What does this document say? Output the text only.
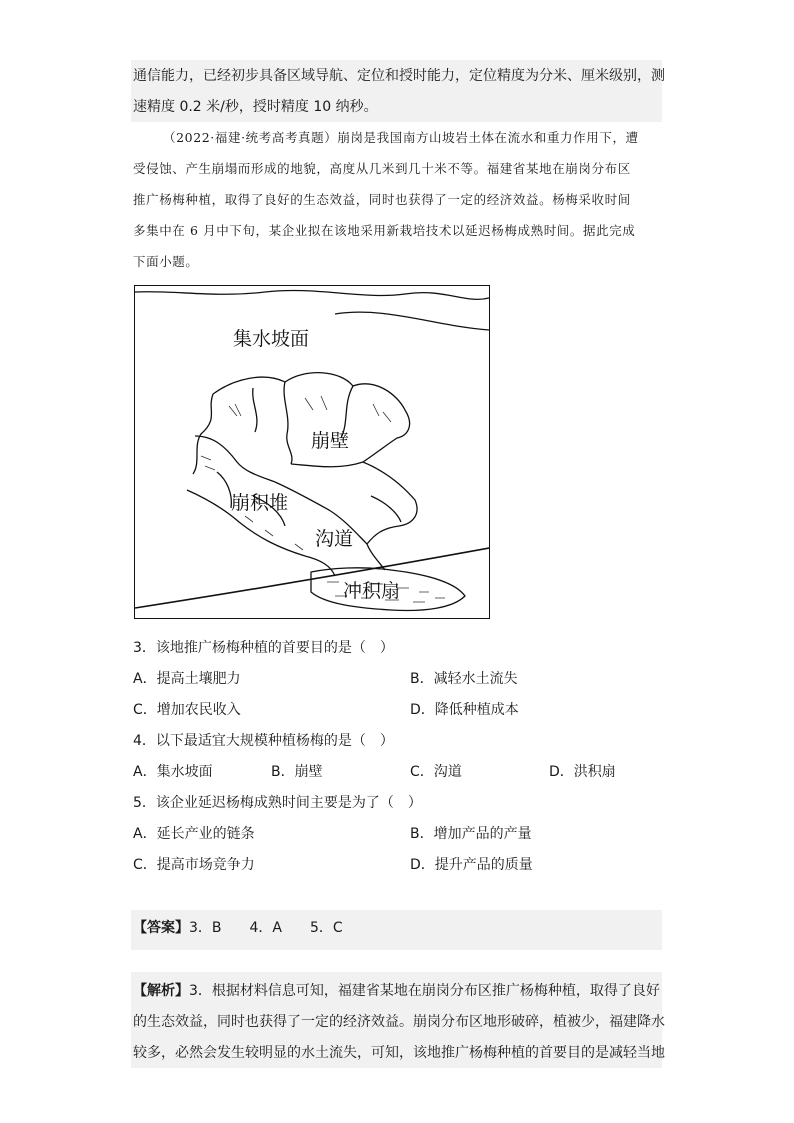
通信能力，已经初步具备区域导航、定位和授时能力，定位精度为分米、厘米级别，测
速精度 0.2 米/秒，授时精度 10 纳秒。
（2022·福建·统考高考真题）崩岗是我国南方山坡岩土体在流水和重力作用下，遭
受侵蚀、产生崩塌而形成的地貌，高度从几米到几十米不等。福建省某地在崩岗分布区
推广杨梅种植，取得了良好的生态效益，同时也获得了一定的经济效益。杨梅采收时间
多集中在 6 月中下旬，某企业拟在该地采用新栽培技术以延迟杨梅成熟时间。据此完成
下面小题。
集水坡面
崩壁
崩积堆
沟道
冲积扇
3．该地推广杨梅种植的首要目的是（　）
A．提高土壤肥力	B．减轻水土流失
C．增加农民收入	D．降低种植成本
4．以下最适宜大规模种植杨梅的是（　）
A．集水坡面	B．崩壁	C．沟道	D．洪积扇
5．该企业延迟杨梅成熟时间主要是为了（　）
A．延长产业的链条	B．增加产品的产量
C．提高市场竞争力	D．提升产品的质量
【答案】3．B　　4．A　　5．C
【解析】3．根据材料信息可知，福建省某地在崩岗分布区推广杨梅种植，取得了良好
的生态效益，同时也获得了一定的经济效益。崩岗分布区地形破碎，植被少，福建降水
较多，必然会发生较明显的水土流失，可知，该地推广杨梅种植的首要目的是减轻当地
